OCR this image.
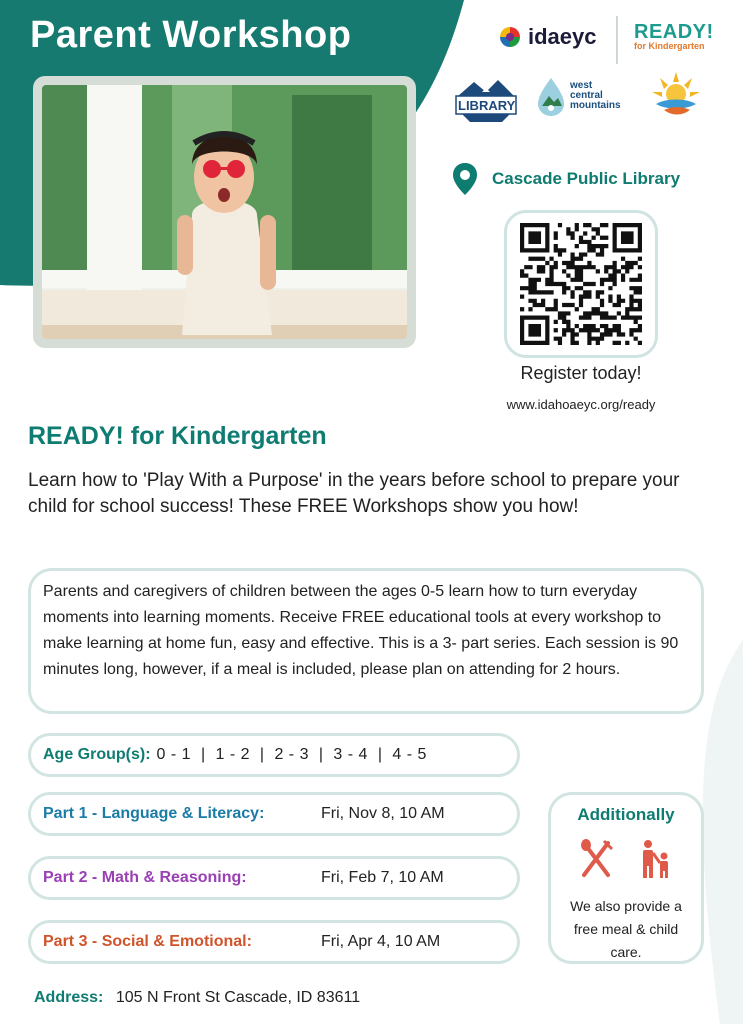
Parent Workshop	idaeyc READY!
for Kindergarten
LIBRARY
west
central
mountains
Cascade Public Library
Register today!
www.idahoaeyc.org/ready
READY! for Kindergarten
Learn how to 'Play With a Purpose' in the years before school to prepare your child for school success! These FREE Workshops show you how!
Parents and caregivers of children between the ages 0-5 learn how to turn everyday moments into learning moments. Receive FREE educational tools at every workshop to make learning at home fun, easy and effective. This is a 3- part series. Each session is 90 minutes long, however, if a meal is included, please plan on attending for 2 hours.
Age Group(s): 0 - 1  |  1 - 2  |  2 - 3  |  3 - 4  |  4 - 5
Part 1 - Language & Literacy:	Fri, Nov 8, 10 AM
Part 2 - Math & Reasoning:	Fri, Feb 7, 10 AM
Part 3 - Social & Emotional:	Fri, Apr 4, 10 AM
Additionally
We also provide a free meal & child care.
Address: 105 N Front St Cascade, ID 83611
